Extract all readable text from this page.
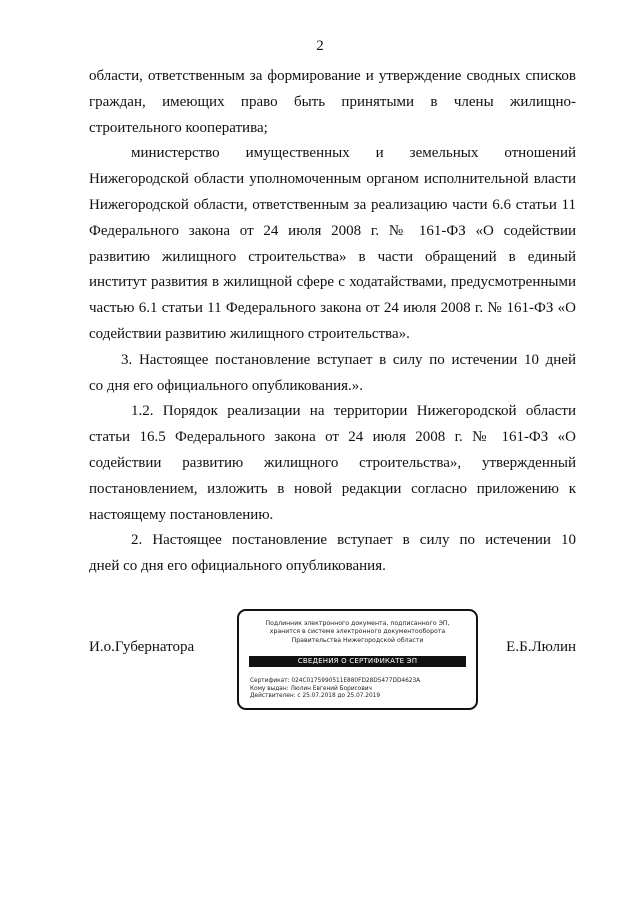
2
области, ответственным за формирование и утверждение сводных списков
граждан, имеющих право быть принятыми в члены жилищно-
строительного кооператива;
министерство имущественных и земельных отношений
Нижегородской области уполномоченным органом исполнительной власти
Нижегородской области, ответственным за реализацию части 6.6 статьи 11
Федерального закона от 24 июля 2008 г. № 161-ФЗ «О содействии
развитию жилищного строительства» в части обращений в единый
институт развития в жилищной сфере с ходатайствами, предусмотренными
частью 6.1 статьи 11 Федерального закона от 24 июля 2008 г. № 161-ФЗ «О
содействии развитию жилищного строительства».
3. Настоящее постановление вступает в силу по истечении 10 дней
со дня его официального опубликования.».
1.2. Порядок реализации на территории Нижегородской области
статьи 16.5 Федерального закона от 24 июля 2008 г. № 161-ФЗ «О
содействии развитию жилищного строительства», утвержденный
постановлением, изложить в новой редакции согласно приложению к
настоящему постановлению.
2. Настоящее постановление вступает в силу по истечении 10
дней со дня его официального опубликования.
И.о.Губернатора
Подлинник электронного документа, подписанного ЭП,
хранится в системе электронного документооборота
Правительства Нижегородской области
СВЕДЕНИЯ О СЕРТИФИКАТЕ ЭП
Сертификат: 024C0175990511E880FD28D5477DD4623A
Кому выдан: Люлин Евгений Борисович
Действителен: с 25.07.2018 до 25.07.2019
Е.Б.Люлин
